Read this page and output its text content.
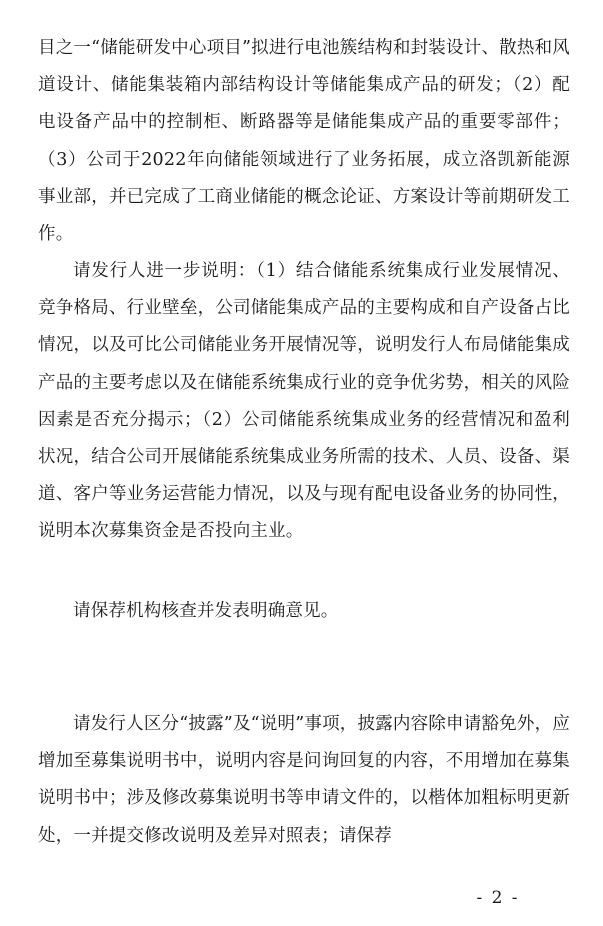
目之一“储能研发中心项目”拟进行电池簇结构和封装设计、散热和风道设计、储能集装箱内部结构设计等储能集成产品的研发；（2）配电设备产品中的控制柜、断路器等是储能集成产品的重要零部件；（3）公司于2022年向储能领域进行了业务拓展，成立洛凯新能源事业部，并已完成了工商业储能的概念论证、方案设计等前期研发工作。

请发行人进一步说明：（1）结合储能系统集成行业发展情况、竞争格局、行业壁垒，公司储能集成产品的主要构成和自产设备占比情况，以及可比公司储能业务开展情况等，说明发行人布局储能集成产品的主要考虑以及在储能系统集成行业的竞争优劣势，相关的风险因素是否充分揭示；（2）公司储能系统集成业务的经营情况和盈利状况，结合公司开展储能系统集成业务所需的技术、人员、设备、渠道、客户等业务运营能力情况，以及与现有配电设备业务的协同性，说明本次募集资金是否投向主业。

请保荐机构核查并发表明确意见。

请发行人区分“披露”及“说明”事项，披露内容除申请豁免外，应增加至募集说明书中，说明内容是问询回复的内容，不用增加在募集说明书中；涉及修改募集说明书等申请文件的，以楷体加粗标明更新处，一并提交修改说明及差异对照表；请保荐

- 2 -
